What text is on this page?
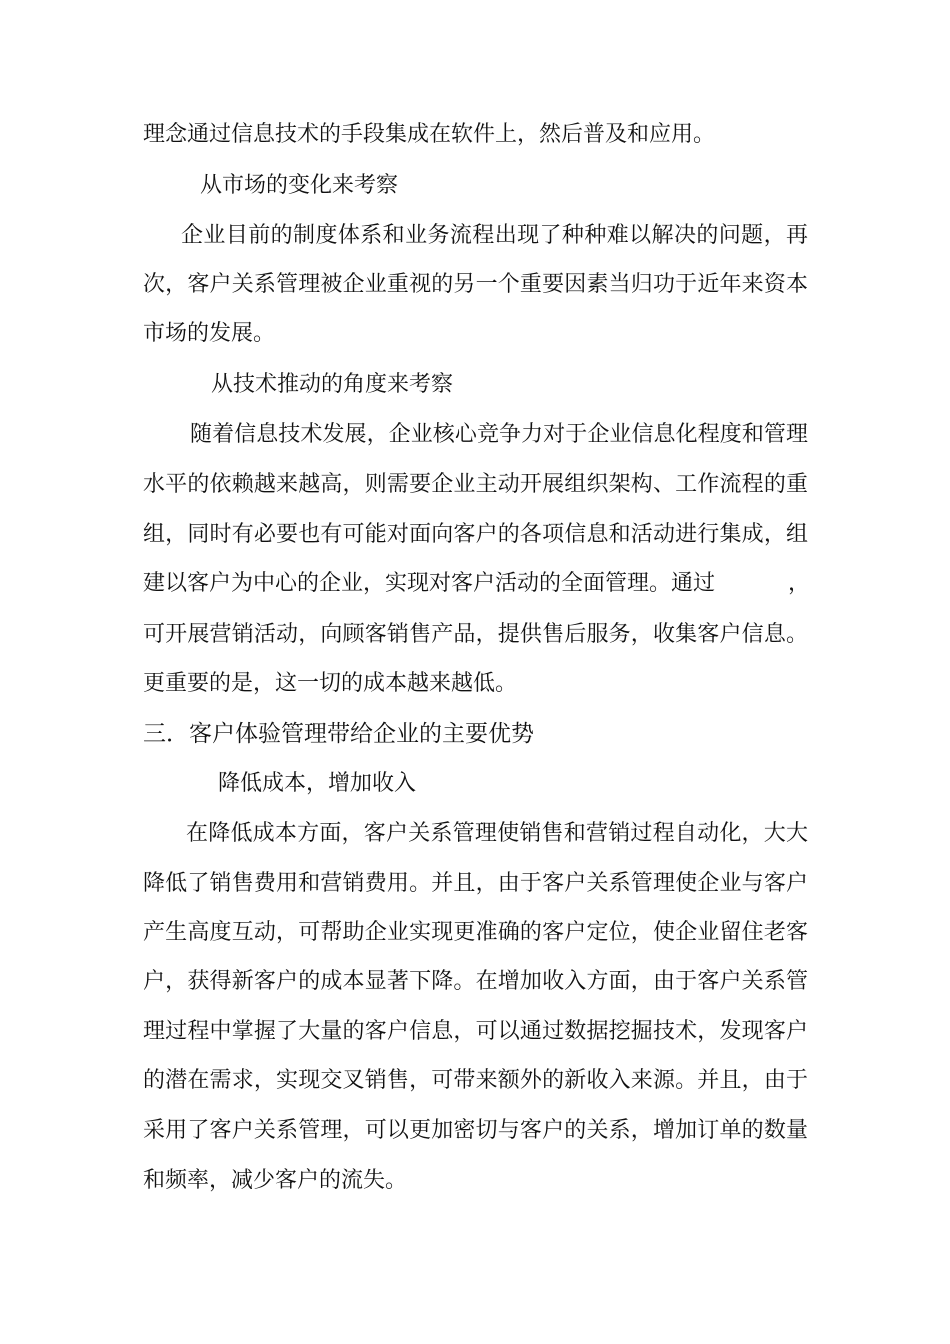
理念通过信息技术的手段集成在软件上，然后普及和应用。
从市场的变化来考察
企业目前的制度体系和业务流程出现了种种难以解决的问题，再
次，客户关系管理被企业重视的另一个重要因素当归功于近年来资本
市场的发展。
从技术推动的角度来考察
随着信息技术发展，企业核心竞争力对于企业信息化程度和管理
水平的依赖越来越高，则需要企业主动开展组织架构、工作流程的重
组，同时有必要也有可能对面向客户的各项信息和活动进行集成，组
建以客户为中心的企业，实现对客户活动的全面管理。通过	，
可开展营销活动，向顾客销售产品，提供售后服务，收集客户信息。
更重要的是，这一切的成本越来越低。
三．客户体验管理带给企业的主要优势
降低成本，增加收入
在降低成本方面，客户关系管理使销售和营销过程自动化，大大
降低了销售费用和营销费用。并且，由于客户关系管理使企业与客户
产生高度互动，可帮助企业实现更准确的客户定位，使企业留住老客
户，获得新客户的成本显著下降。在增加收入方面，由于客户关系管
理过程中掌握了大量的客户信息，可以通过数据挖掘技术，发现客户
的潜在需求，实现交叉销售，可带来额外的新收入来源。并且，由于
采用了客户关系管理，可以更加密切与客户的关系，增加订单的数量
和频率，减少客户的流失。
